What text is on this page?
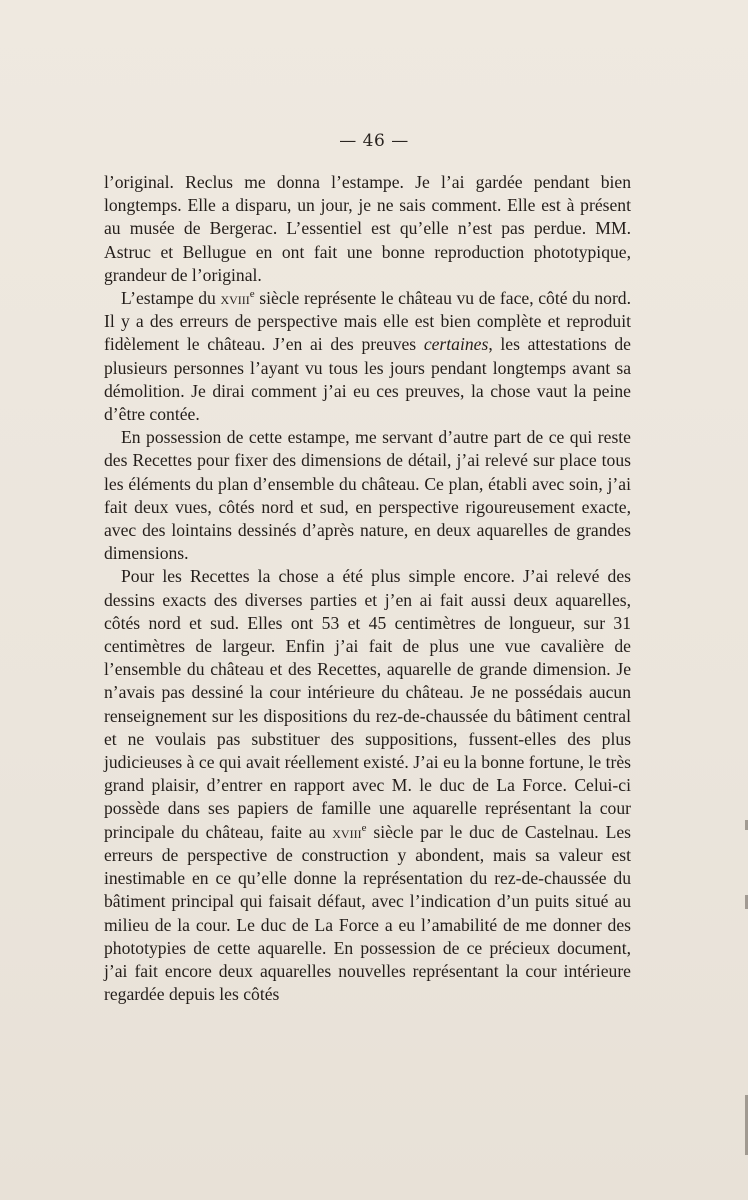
— 46 —

l’original. Reclus me donna l’estampe. Je l’ai gardée pendant bien longtemps. Elle a disparu, un jour, je ne sais comment. Elle est à présent au musée de Bergerac. L’essentiel est qu’elle n’est pas perdue. MM. Astruc et Bellugue en ont fait une bonne reproduction phototypique, grandeur de l’original.

L’estampe du xviii$^e$ siècle représente le château vu de face, côté du nord. Il y a des erreurs de perspective mais elle est bien complète et reproduit fidèlement le château. J’en ai des preuves certaines, les attestations de plusieurs personnes l’ayant vu tous les jours pendant longtemps avant sa démolition. Je dirai comment j’ai eu ces preuves, la chose vaut la peine d’être contée.

En possession de cette estampe, me servant d’autre part de ce qui reste des Recettes pour fixer des dimensions de détail, j’ai relevé sur place tous les éléments du plan d’ensemble du château. Ce plan, établi avec soin, j’ai fait deux vues, côtés nord et sud, en perspective rigoureusement exacte, avec des lointains dessinés d’après nature, en deux aquarelles de grandes dimensions.

Pour les Recettes la chose a été plus simple encore. J’ai relevé des dessins exacts des diverses parties et j’en ai fait aussi deux aquarelles, côtés nord et sud. Elles ont 53 et 45 centimètres de longueur, sur 31 centimètres de largeur. Enfin j’ai fait de plus une vue cavalière de l’ensemble du château et des Recettes, aquarelle de grande dimension. Je n’avais pas dessiné la cour intérieure du château. Je ne possédais aucun renseignement sur les dispositions du rez-de-chaussée du bâtiment central et ne voulais pas substituer des suppositions, fussent-elles des plus judicieuses à ce qui avait réellement existé. J’ai eu la bonne fortune, le très grand plaisir, d’entrer en rapport avec M. le duc de La Force. Celui-ci possède dans ses papiers de famille une aquarelle représentant la cour principale du château, faite au xviii$^e$ siècle par le duc de Castelnau. Les erreurs de perspective de construction y abondent, mais sa valeur est inestimable en ce qu’elle donne la représentation du rez-de-chaussée du bâtiment principal qui faisait défaut, avec l’indication d’un puits situé au milieu de la cour. Le duc de La Force a eu l’amabilité de me donner des phototypies de cette aquarelle. En possession de ce précieux document, j’ai fait encore deux aquarelles nouvelles représentant la cour intérieure regardée depuis les côtés
